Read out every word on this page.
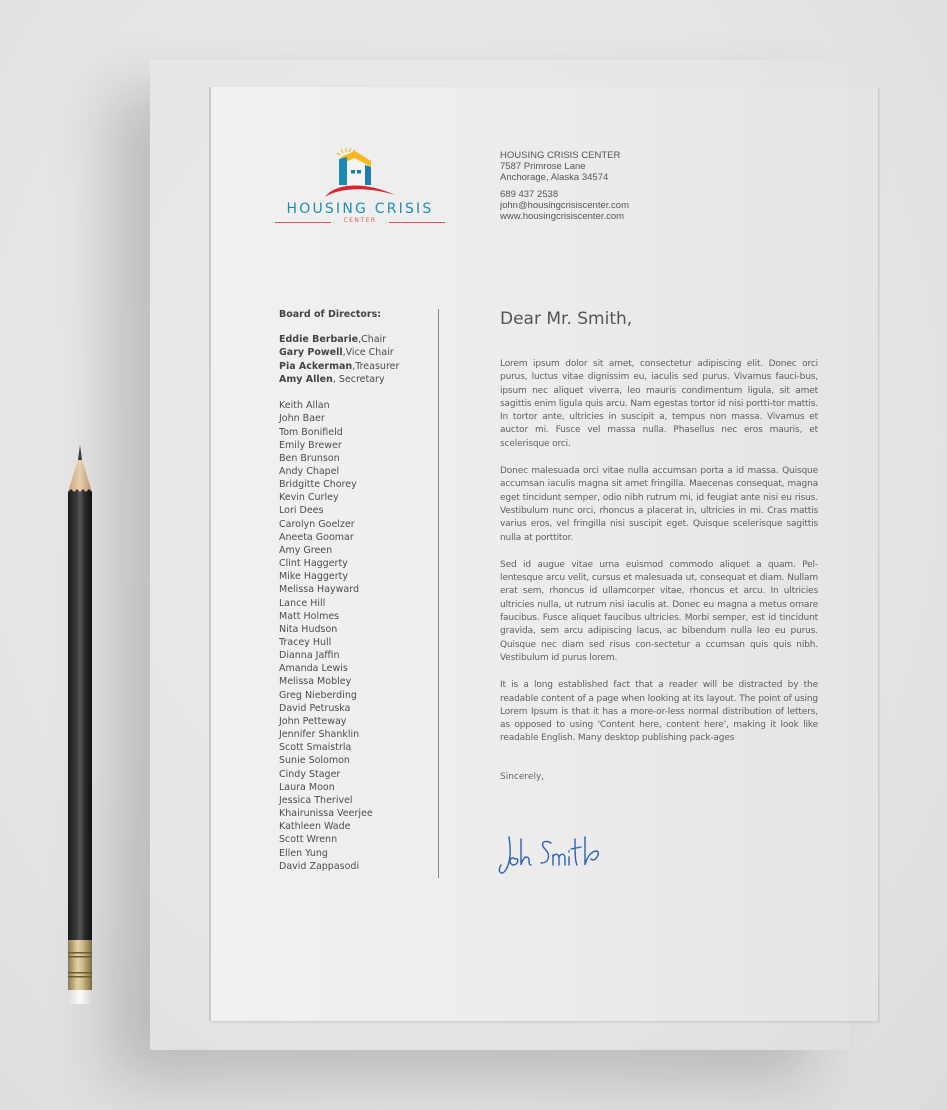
HOUSING CRISIS
CENTER
HOUSING CRISIS CENTER
7587 Primrose Lane
Anchorage, Alaska 34574
689 437 2538
john@housingcrisiscenter.com
www.housingcrisiscenter.com
Board of Directors:
Eddie Berbarie,Chair
Gary Powell,Vice Chair
Pia Ackerman,Treasurer
Amy Allen, Secretary
Keith Allan
John Baer
Tom Bonifield
Emily Brewer
Ben Brunson
Andy Chapel
Bridgitte Chorey
Kevin Curley
Lori Dees
Carolyn Goelzer
Aneeta Goomar
Amy Green
Clint Haggerty
Mike Haggerty
Melissa Hayward
Lance Hill
Matt Holmes
Nita Hudson
Tracey Hull
Dianna Jaffin
Amanda Lewis
Melissa Mobley
Greg Nieberding
David Petruska
John Petteway
Jennifer Shanklin
Scott Smaistrla
Sunie Solomon
Cindy Stager
Laura Moon
Jessica Therivel
Khairunissa Veerjee
Kathleen Wade
Scott Wrenn
Ellen Yung
David Zappasodi
Dear Mr. Smith,

Lorem ipsum dolor sit amet, consectetur adipiscing elit. Donec orci purus, luctus vitae dignissim eu, iaculis sed purus. Vivamus fauci-bus, ipsum nec aliquet viverra, leo mauris condimentum ligula, sit amet sagittis enim ligula quis arcu. Nam egestas tortor id nisi portti-tor mattis. In tortor ante, ultricies in suscipit a, tempus non massa. Vivamus et auctor mi. Fusce vel massa nulla. Phasellus nec eros mauris, et scelerisque orci.

Donec malesuada orci vitae nulla accumsan porta a id massa. Quisque accumsan iaculis magna sit amet fringilla. Maecenas consequat, magna eget tincidunt semper, odio nibh rutrum mi, id feugiat ante nisi eu risus. Vestibulum nunc orci, rhoncus a placerat in, ultricies in mi. Cras mattis varius eros, vel fringilla nisi suscipit eget. Quisque scelerisque sagittis nulla at porttitor.

Sed id augue vitae urna euismod commodo aliquet a quam. Pel-lentesque arcu velit, cursus et malesuada ut, consequat et diam. Nullam erat sem, rhoncus id ullamcorper vitae, rhoncus et arcu. In ultricies ultricies nulla, ut rutrum nisi iaculis at. Donec eu magna a metus ornare faucibus. Fusce aliquet faucibus ultricies. Morbi semper, est id tincidunt gravida, sem arcu adipiscing lacus, ac bibendum nulla leo eu purus. Quisque nec diam sed risus con-sectetur a ccumsan quis quis nibh. Vestibulum id purus lorem.

It is a long established fact that a reader will be distracted by the readable content of a page when looking at its layout. The point of using Lorem Ipsum is that it has a more-or-less normal distribution of letters, as opposed to using 'Content here, content here', making it look like readable English. Many desktop publishing pack-ages

Sincerely,
